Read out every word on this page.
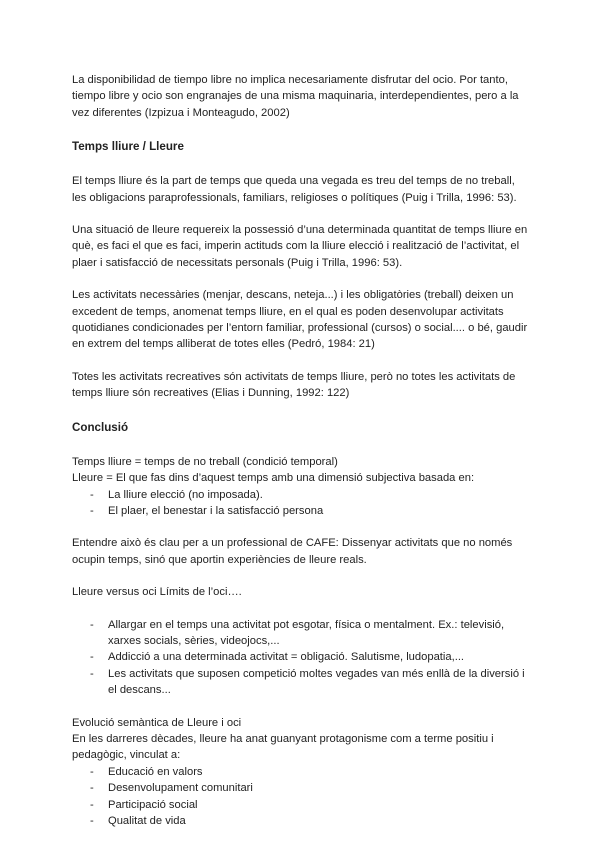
La disponibilidad de tiempo libre no implica necesariamente disfrutar del ocio. Por tanto, tiempo libre y ocio son engranajes de una misma maquinaria, interdependientes, pero a la vez diferentes (Izpizua i Monteagudo, 2002)

Temps lliure / Lleure

El temps lliure és la part de temps que queda una vegada es treu del temps de no treball, les obligacions paraprofessionals, familiars, religioses o polítiques (Puig i Trilla, 1996: 53).

Una situació de lleure requereix la possessió d’una determinada quantitat de temps lliure en què, es faci el que es faci, imperin actituds com la lliure elecció i realització de l’activitat, el plaer i satisfacció de necessitats personals (Puig i Trilla, 1996: 53).

Les activitats necessàries (menjar, descans, neteja...) i les obligatòries (treball) deixen un excedent de temps, anomenat temps lliure, en el qual es poden desenvolupar activitats quotidianes condicionades per l’entorn familiar, professional (cursos) o social.... o bé, gaudir en extrem del temps alliberat de totes elles (Pedró, 1984: 21)

Totes les activitats recreatives són activitats de temps lliure, però no totes les activitats de temps lliure són recreatives (Elias i Dunning, 1992: 122)

Conclusió

Temps lliure = temps de no treball (condició temporal)

Lleure = El que fas dins d’aquest temps amb una dimensió subjectiva basada en:

- La lliure elecció (no imposada).
- El plaer, el benestar i la satisfacció persona

Entendre això és clau per a un professional de CAFE: Dissenyar activitats que no només ocupin temps, sinó que aportin experiències de lleure reals.

Lleure versus oci Límits de l’oci….

- Allargar en el temps una activitat pot esgotar, física o mentalment. Ex.: televisió, xarxes socials, sèries, videojocs,...
- Addicció a una determinada activitat = obligació. Salutisme, ludopatia,...
- Les activitats que suposen competició moltes vegades van més enllà de la diversió i el descans...

Evolució semàntica de Lleure i oci

En les darreres dècades, lleure ha anat guanyant protagonisme com a terme positiu i pedagògic, vinculat a:

- Educació en valors
- Desenvolupament comunitari
- Participació social
- Qualitat de vida
